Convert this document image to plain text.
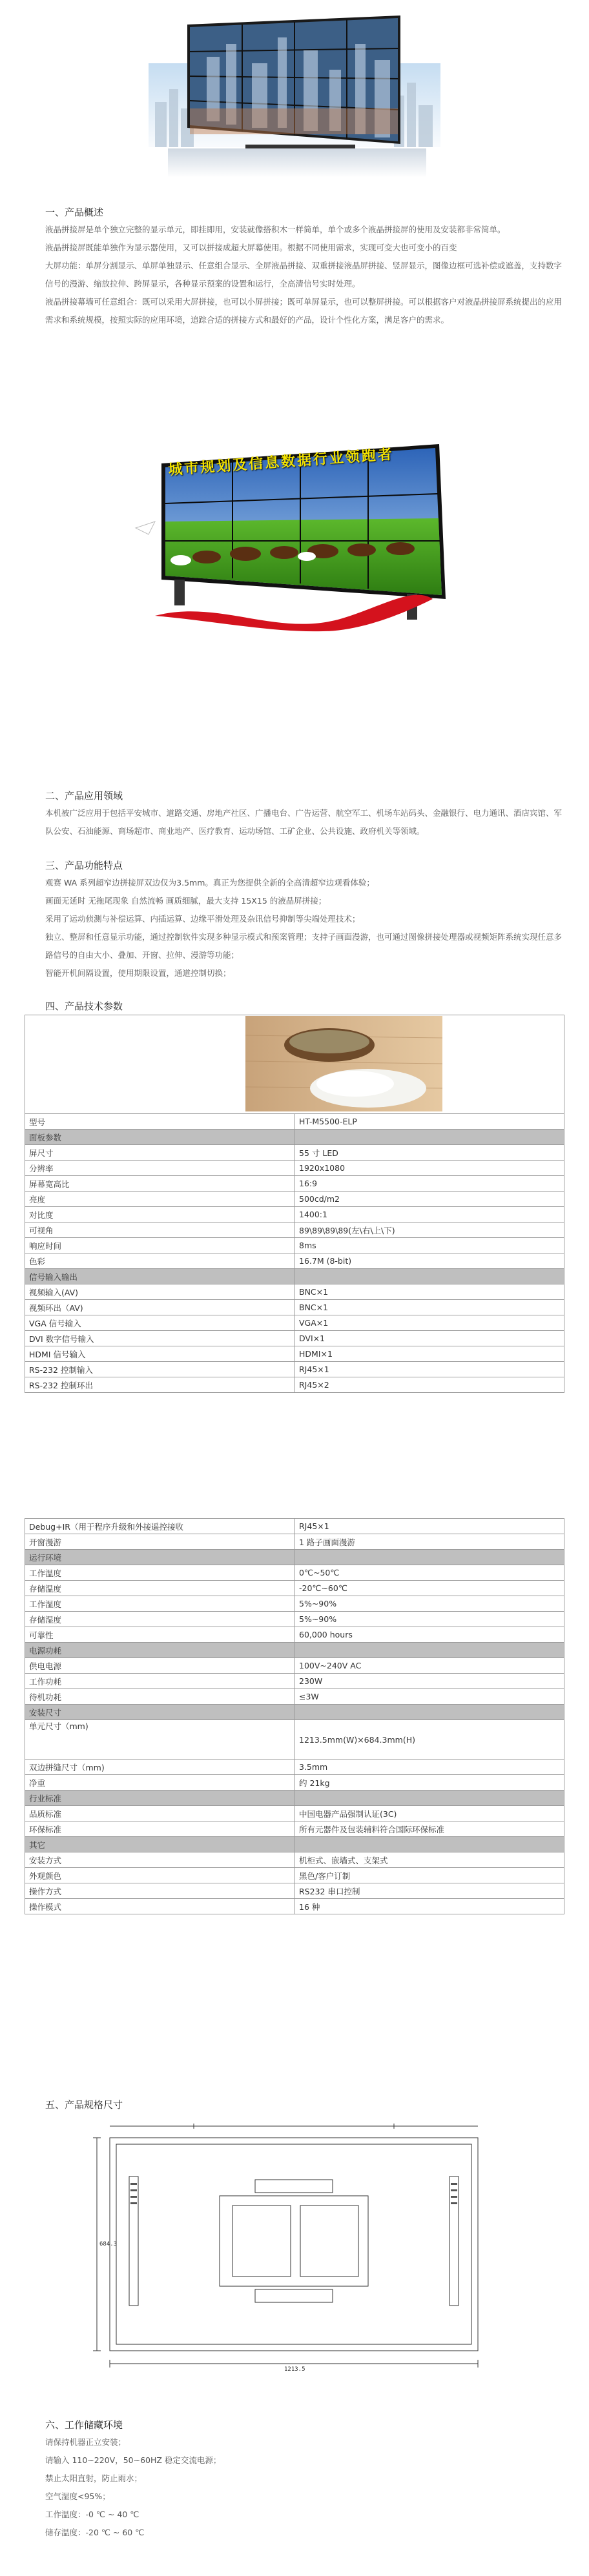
一、产品概述

液晶拼接屏是单个独立完整的显示单元，即挂即用，安装就像搭积木一样简单，单个或多个液晶拼接屏的使用及安装都非常简单。

液晶拼接屏既能单独作为显示器使用，又可以拼接成超大屏幕使用。根据不同使用需求，实现可变大也可变小的百变

大屏功能：单屏分割显示、单屏单独显示、任意组合显示、全屏液晶拼接、双重拼接液晶屏拼接、竖屏显示，图像边框可选补偿或遮盖，支持数字信号的漫游、缩放拉伸、跨屏显示，各种显示预案的设置和运行，全高清信号实时处理。

液晶拼接幕墙可任意组合：既可以采用大屏拼接，也可以小屏拼接；既可单屏显示，也可以整屏拼接。可以根据客户对液晶拼接屏系统提出的应用需求和系统规模，按照实际的应用环境，追踪合适的拼接方式和最好的产品，设计个性化方案，满足客户的需求。

城市规划及信息数据行业领跑者
二、产品应用领域

本机被广泛应用于包括平安城市、道路交通、房地产社区、广播电台、广告运营、航空军工、机场车站码头、金融银行、电力通讯、酒店宾馆、军队公安、石油能源、商场超市、商业地产、医疗教育、运动场馆、工矿企业、公共设施、政府机关等领域。

三、产品功能特点

观赛 WA 系列超窄边拼接屏双边仅为3.5mm。真正为您提供全新的全高清超窄边观看体验；

画面无延时 无拖尾现象 自然流畅 画质细腻，最大支持 15X15 的液晶屏拼接；

采用了运动侦测与补偿运算、内插运算、边缘平滑处理及杂讯信号抑制等尖端处理技术；

独立、整屏和任意显示功能，通过控制软件实现多种显示模式和预案管理；支持子画面漫游，也可通过图像拼接处理器或视频矩阵系统实现任意多路信号的自由大小、叠加、开窗、拉伸、漫游等功能；

智能开机间隔设置，使用期限设置，通道控制切换；

四、产品技术参数
型号	HT-M5500-ELP
面板参数	
屏尺寸	55 寸 LED
分辨率	1920x1080
屏幕宽高比	16:9
亮度	500cd/m2
对比度	1400:1
可视角	89\89\89\89(左\右\上\下)
响应时间	8ms
色彩	16.7M (8-bit)
信号输入输出	
视频输入(AV)	BNC×1
视频环出（AV)	BNC×1
VGA 信号输入	VGA×1
DVI 数字信号输入	DVI×1
HDMI 信号输入	HDMI×1
RS-232 控制输入	RJ45×1
RS-232 控制环出	RJ45×2
Debug+IR（用于程序升级和外接遥控接收	RJ45×1
开窗漫游	1 路子画面漫游
运行环境	
工作温度	0℃~50℃
存储温度	-20℃~60℃
工作湿度	5%~90%
存储湿度	5%~90%
可靠性	60,000 hours
电源功耗	
供电电源	100V~240V AC
工作功耗	230W
待机功耗	≤3W
安装尺寸	
单元尺寸（mm)	1213.5mm(W)×684.3mm(H)
双边拼缝尺寸（mm)	3.5mm
净重	约 21kg
行业标准	
品质标准	中国电器产品强制认证(3C)
环保标准	所有元器件及包装辅料符合国际环保标准
其它	
安装方式	机柜式、嵌墙式、支架式
外观颜色	黑色/客户订制
操作方式	RS232 串口控制
操作模式	16 种
五、产品规格尺寸
1213.5
684.3
六、工作储藏环境

请保持机器正立安装；

请输入 110~220V，50~60HZ 稳定交流电源；

禁止太阳直射，防止雨水；

空气湿度<95%；

工作温度：-0 ℃ ~ 40 ℃

储存温度：-20 ℃ ~ 60 ℃
